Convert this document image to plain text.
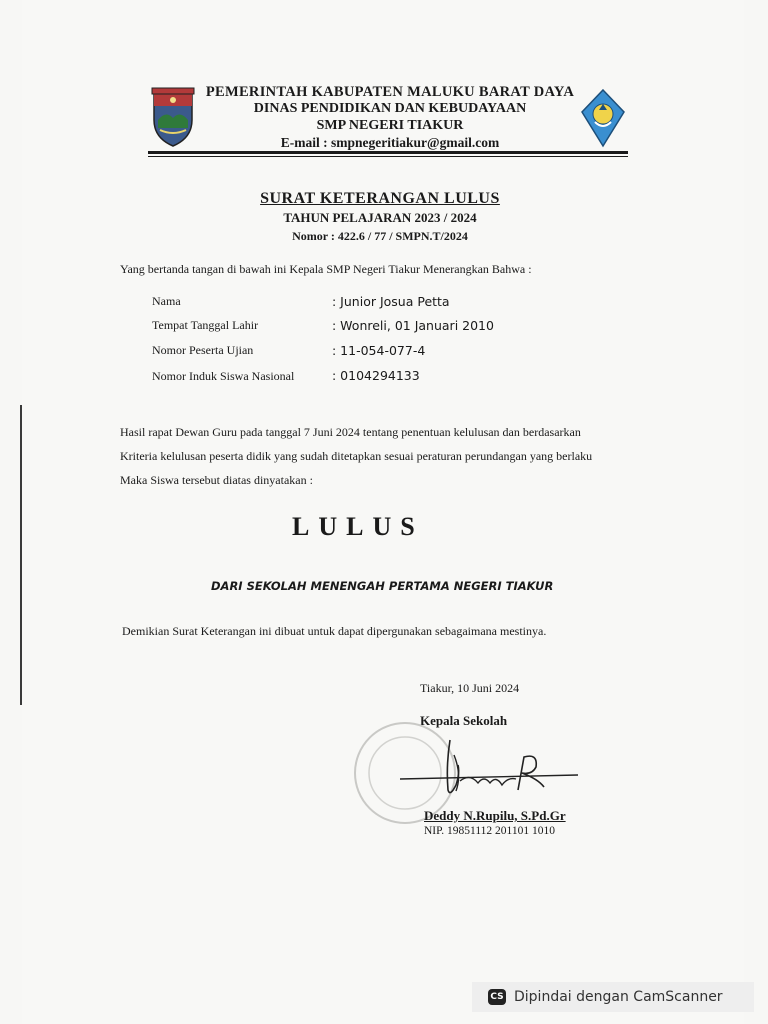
PEMERINTAH KABUPATEN MALUKU BARAT DAYA
DINAS PENDIDIKAN DAN KEBUDAYAAN
SMP NEGERI TIAKUR
E-mail : smpnegeritiakur@gmail.com
SURAT KETERANGAN LULUS
TAHUN PELAJARAN 2023 / 2024
Nomor : 422.6 / 77 / SMPN.T/2024
Yang bertanda tangan di bawah ini Kepala SMP Negeri Tiakur Menerangkan Bahwa :
Nama	: Junior Josua Petta
Tempat Tanggal Lahir	: Wonreli, 01 Januari 2010
Nomor Peserta Ujian	: 11-054-077-4
Nomor Induk Siswa Nasional	: 0104294133
Hasil rapat Dewan Guru pada tanggal 7 Juni 2024 tentang penentuan kelulusan dan berdasarkan
Kriteria kelulusan peserta didik yang sudah ditetapkan sesuai peraturan perundangan yang berlaku
Maka Siswa tersebut diatas dinyatakan :
LULUS
DARI SEKOLAH MENENGAH PERTAMA NEGERI TIAKUR
Demikian Surat Keterangan ini dibuat untuk dapat dipergunakan sebagaimana mestinya.
Tiakur, 10 Juni 2024
Kepala Sekolah
Deddy N.Rupilu, S.Pd.Gr
NIP. 19851112 201101 1010
CS Dipindai dengan CamScanner
